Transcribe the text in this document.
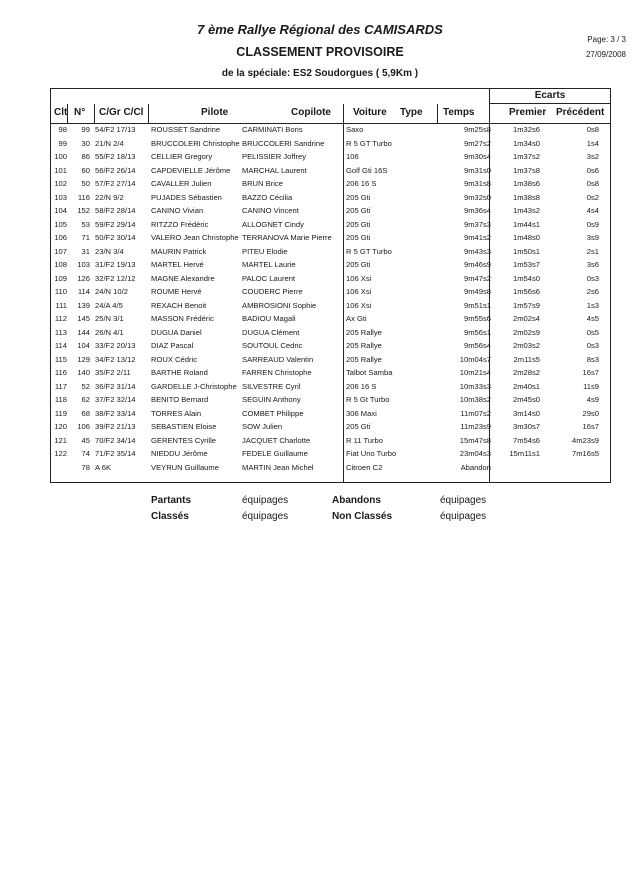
7 ème Rallye Régional des CAMISARDS
CLASSEMENT PROVISOIRE
de la spéciale: ES2 Soudorgues ( 5,9Km )
Page: 3 / 3
27/09/2008
Ecarts
Clt N° C/Gr C/Cl	Pilote	Copilote Voiture Type Temps	Premier Précédent
98	99 54/F2 17/13	ROUSSET Sandrine	CARMINATI Boris	Saxo	9m25s8	1m32s6	0s8
99	30 21/N 2/4	BRUCCOLERI Christophe BRUCCOLERI Sandrine	R 5 GT Turbo	9m27s2	1m34s0	1s4
100	86 55/F2 18/13	CELLIER Gregory	PELISSIER Joffrey	106	9m30s4	1m37s2	3s2
101	60 56/F2 26/14	CAPDEVIELLE Jérôme	MARCHAL Laurent	Golf Gti 16S	9m31s0	1m37s8	0s6
102	50 57/F2 27/14	CAVALLER Julien	BRUN Brice	206 16 S	9m31s8	1m38s6	0s8
103	116 22/N 9/2	PUJADES Sébastien	BAZZO Cécilia	205 Gti	9m32s0	1m38s8	0s2
104	152 58/F2 28/14	CANINO Vivian	CANINO Vincent	205 Gti	9m36s4	1m43s2	4s4
105	53 59/F2 29/14	RITZZO Frédéric	ALLOGNET Cindy	205 Gti	9m37s3	1m44s1	0s9
106	71 50/F2 30/14	VALERO Jean Christophe TERRANOVA Marie Pierre	205 Gti	9m41s2	1m48s0	3s9
107	31 23/N 3/4	MAURIN Patrick	PITEU Elodie	R 5 GT Turbo	9m43s3	1m50s1	2s1
108	103 31/F2 19/13	MARTEL Hervé	MARTEL Laurie	205 Gti	9m46s9	1m53s7	3s6
109	126 32/F2 12/12	MAGNE Alexandre	PALOC Laurent	106 Xsi	9m47s2	1m54s0	0s3
110	114 24/N 10/2	ROUME Hervé	COUDERC Pierre	106 Xsi	9m49s8	1m56s6	2s6
111	139 24/A 4/5	REXACH Benoit	AMBROSIONI Sophie	106 Xsi	9m51s1	1m57s9	1s3
112	145 25/N 3/1	MASSON Frédéric	BADIOU Magali	Ax Gti	9m55s6	2m02s4	4s5
113	144 26/N 4/1	DUGUA Daniel	DUGUA Clément	205 Rallye	9m56s1	2m02s9	0s5
114	104 33/F2 20/13	DIAZ Pascal	SOUTOUL Cedric	205 Rallye	9m56s4	2m03s2	0s3
115	129 34/F2 13/12	ROUX Cédric	SARREAUD Valentin	205 Rallye	10m04s7	2m11s5	8s3
116	140 35/F2 2/11	BARTHE Roland	FARREN Christophe	Talbot Samba	10m21s4	2m28s2	16s7
117	52 36/F2 31/14	GARDELLE J-Christophe SILVESTRE Cyril	206 16 S	10m33s3	2m40s1	11s9
118	62 37/F2 32/14	BENITO Bernard	SEGUIN Anthony	R 5 Gt Turbo	10m38s2	2m45s0	4s9
119	68 38/F2 33/14	TORRES Alain	COMBET Philippe	306 Maxi	11m07s2	3m14s0	29s0
120	106 39/F2 21/13	SEBASTIEN Eloise	SOW Julien	205 Gti	11m23s9	3m30s7	16s7
121	45 70/F2 34/14	GERENTES Cyrille	JACQUET Charlotte	R 11 Turbo	15m47s8	7m54s6	4m23s9
122	74 71/F2 35/14	NIEDDU Jérôme	FEDELE Guillaume	Fiat Uno Turbo	23m04s3	15m11s1	7m16s5
78 A 6K	VEYRUN Guillaume	MARTIN Jean Michel	Citroen C2	Abandon
Partants	équipages	Abandons	équipages
Classés	équipages	Non Classés	équipages
